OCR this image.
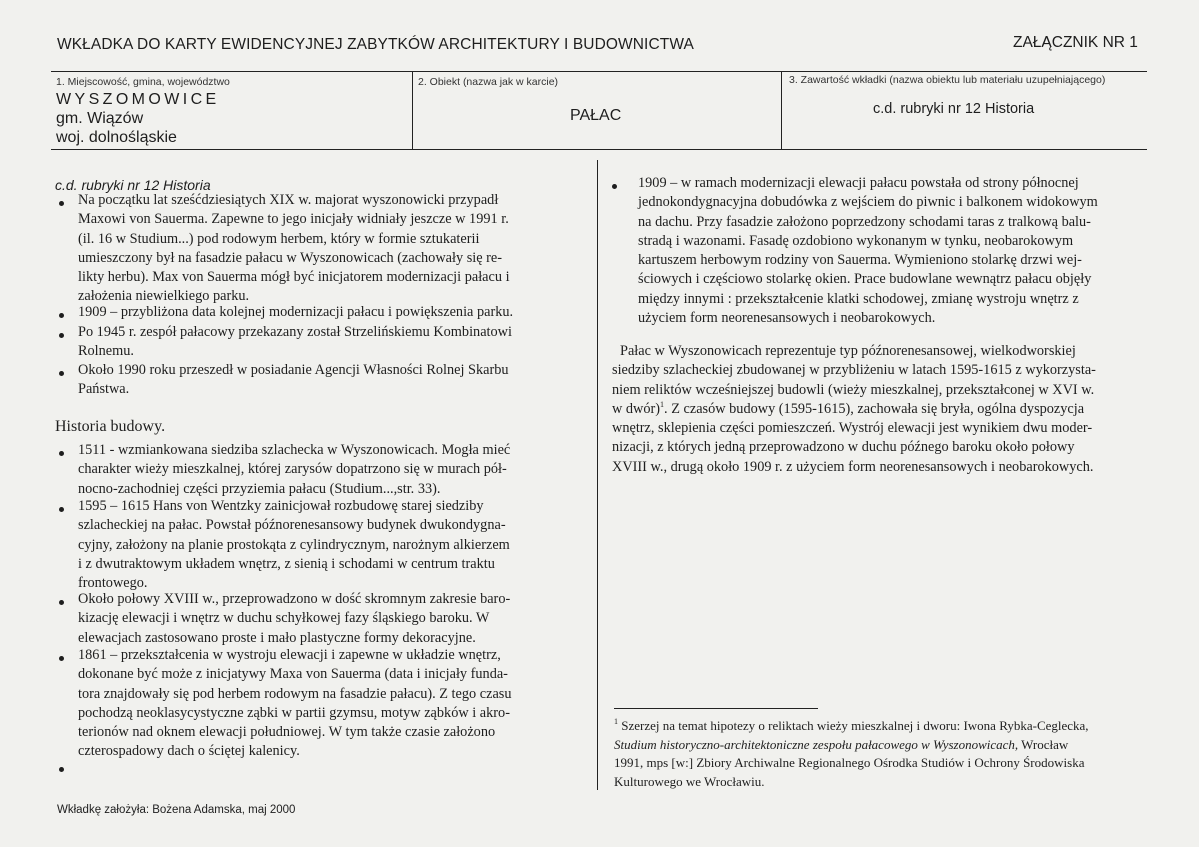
WKŁADKA DO KARTY EWIDENCYJNEJ ZABYTKÓW ARCHITEKTURY I BUDOWNICTWA	ZAŁĄCZNIK NR 1
1. Miejscowość, gmina, województwo
WYSZOMOWICE
gm. Wiązów
woj. dolnośląskie
2. Obiekt (nazwa jak w karcie)
PAŁAC
3. Zawartość wkładki (nazwa obiektu lub materiału uzupełniającego)
c.d. rubryki nr 12 Historia
c.d. rubryki nr 12 Historia
Na początku lat sześćdziesiątych XIX w. majorat wyszonowicki przypadł
Maxowi von Sauerma. Zapewne to jego inicjały widniały jeszcze w 1991 r.
(il. 16 w Studium...) pod rodowym herbem, który w formie sztukaterii
umieszczony był na fasadzie pałacu w Wyszonowicach (zachowały się re-
likty herbu). Max von Sauerma mógł być inicjatorem modernizacji pałacu i
założenia niewielkiego parku.
1909 – przybliżona data kolejnej modernizacji pałacu i powiększenia parku.
Po 1945 r. zespół pałacowy przekazany został Strzelińskiemu Kombinatowi
Rolnemu.
Około 1990 roku przeszedł w posiadanie Agencji Własności Rolnej Skarbu
Państwa.
Historia budowy.
1511 - wzmiankowana siedziba szlachecka w Wyszonowicach. Mogła mieć
charakter wieży mieszkalnej, której zarysów dopatrzono się w murach pół-
nocno-zachodniej części przyziemia pałacu (Studium...,str. 33).
1595 – 1615 Hans von Wentzky zainicjował rozbudowę starej siedziby
szlacheckiej na pałac. Powstał późnorenesansowy budynek dwukondygna-
cyjny, założony na planie prostokąta z cylindrycznym, narożnym alkierzem
i z dwutraktowym układem wnętrz, z sienią i schodami w centrum traktu
frontowego.
Około połowy XVIII w., przeprowadzono w dość skromnym zakresie baro-
kizację elewacji i wnętrz w duchu schyłkowej fazy śląskiego baroku. W
elewacjach zastosowano proste i mało plastyczne formy dekoracyjne.
1861 – przekształcenia w wystroju elewacji i zapewne w układzie wnętrz,
dokonane być może z inicjatywy Maxa von Sauerma (data i inicjały funda-
tora znajdowały się pod herbem rodowym na fasadzie pałacu). Z tego czasu
pochodzą neoklasycystyczne ząbki w partii gzymsu, motyw ząbków i akro-
terionów nad oknem elewacji południowej. W tym także czasie założono
czterospadowy dach o ściętej kalenicy.
1909 – w ramach modernizacji elewacji pałacu powstała od strony północnej
jednokondygnacyjna dobudówka z wejściem do piwnic i balkonem widokowym
na dachu. Przy fasadzie założono poprzedzony schodami taras z tralkową balu-
stradą i wazonami. Fasadę ozdobiono wykonanym w tynku, neobarokowym
kartuszem herbowym rodziny von Sauerma. Wymieniono stolarkę drzwi wej-
ściowych i częściowo stolarkę okien. Prace budowlane wewnątrz pałacu objęły
między innymi : przekształcenie klatki schodowej, zmianę wystroju wnętrz z
użyciem form neorenesansowych i neobarokowych.
Pałac w Wyszonowicach reprezentuje typ późnorenesansowej, wielkodworskiej
siedziby szlacheckiej zbudowanej w przybliżeniu w latach 1595-1615 z wykorzysta-
niem reliktów wcześniejszej budowli (wieży mieszkalnej, przekształconej w XVI w.
w dwór)$^1$. Z czasów budowy (1595-1615), zachowała się bryła, ogólna dyspozycja
wnętrz, sklepienia części pomieszczeń. Wystrój elewacji jest wynikiem dwu moder-
nizacji, z których jedną przeprowadzono w duchu późnego baroku około połowy
XVIII w., drugą około 1909 r. z użyciem form neorenesansowych i neobarokowych.
$^1$ Szerzej na temat hipotezy o reliktach wieży mieszkalnej i dworu: Iwona Rybka-Ceglecka,
Studium historyczno-architektoniczne zespołu pałacowego w Wyszonowicach, Wrocław
1991, mps [w:] Zbiory Archiwalne Regionalnego Ośrodka Studiów i Ochrony Środowiska
Kulturowego we Wrocławiu.
Wkładkę założyła: Bożena Adamska, maj 2000
